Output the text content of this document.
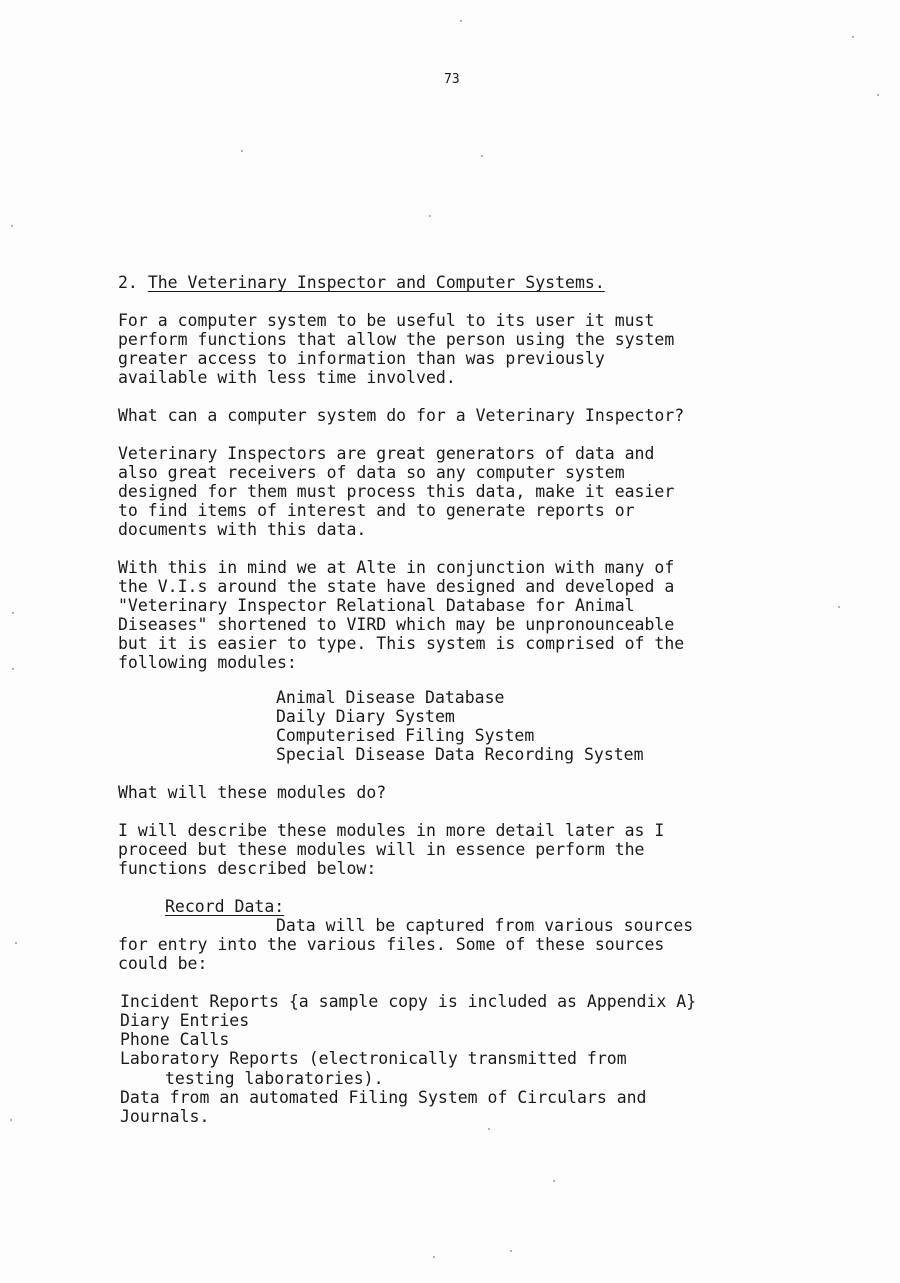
73
2. The Veterinary Inspector and Computer Systems.
For a computer system to be useful to its user it must
perform functions that allow the person using the system
greater access to information than was previously
available with less time involved.
What can a computer system do for a Veterinary Inspector?
Veterinary Inspectors are great generators of data and
also great receivers of data so any computer system
designed for them must process this data, make it easier
to find items of interest and to generate reports or
documents with this data.
With this in mind we at Alte in conjunction with many of
the V.I.s around the state have designed and developed a
"Veterinary Inspector Relational Database for Animal
Diseases" shortened to VIRD which may be unpronounceable
but it is easier to type. This system is comprised of the
following modules:
Animal Disease Database
Daily Diary System
Computerised Filing System
Special Disease Data Recording System
What will these modules do?
I will describe these modules in more detail later as I
proceed but these modules will in essence perform the
functions described below:
Record Data:
Data will be captured from various sources
for entry into the various files. Some of these sources
could be:
Incident Reports {a sample copy is included as Appendix A}
Diary Entries
Phone Calls
Laboratory Reports (electronically transmitted from
testing laboratories).
Data from an automated Filing System of Circulars and
Journals.
